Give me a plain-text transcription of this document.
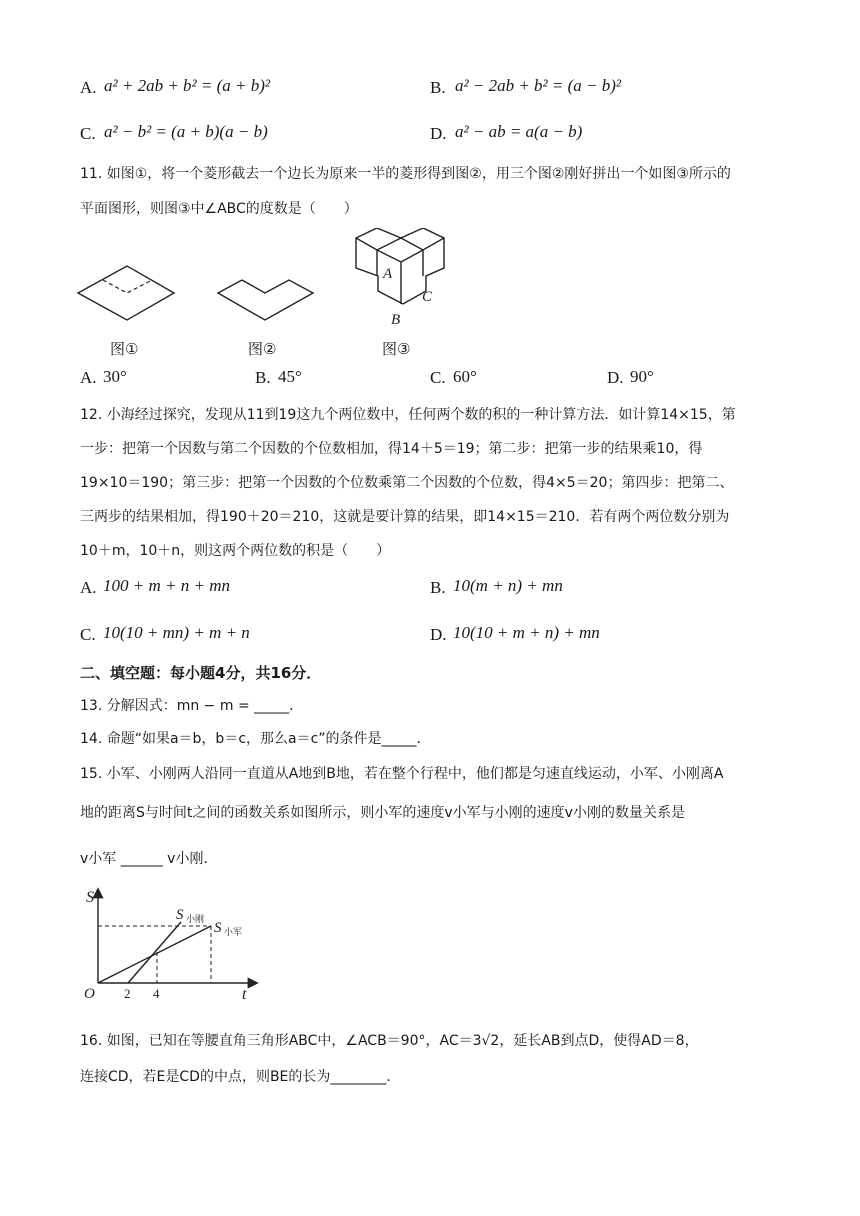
A. a² + 2ab + b² = (a + b)²	B. a² − 2ab + b² = (a − b)²
C. a² − b² = (a + b)(a − b)	D. a² − ab = a(a − b)
11. 如图①，将一个菱形截去一个边长为原来一半的菱形得到图②，用三个图②刚好拼出一个如图③所示的
平面图形，则图③中∠ABC的度数是（　　）
A
C
B
图①	图②	图③
A. 30°	B. 45°	C. 60°	D. 90°
12. 小海经过探究，发现从11到19这九个两位数中，任何两个数的积的一种计算方法．如计算14×15，第
一步：把第一个因数与第二个因数的个位数相加，得14＋5＝19；第二步：把第一步的结果乘10，得
19×10＝190；第三步：把第一个因数的个位数乘第二个因数的个位数，得4×5＝20；第四步：把第二、
三两步的结果相加，得190＋20＝210，这就是要计算的结果，即14×15＝210．若有两个两位数分别为
10＋m，10＋n，则这两个两位数的积是（　　）
A. 100 + m + n + mn	B. 10(m + n) + mn
C. 10(10 + mn) + m + n	D. 10(10 + m + n) + mn
二、填空题：每小题4分，共16分．
13. 分解因式：mn − m = _____．
14. 命题“如果a＝b，b＝c，那么a＝c”的条件是_____．
15. 小军、小刚两人沿同一直道从A地到B地，若在整个行程中，他们都是匀速直线运动，小军、小刚离A
地的距离S与时间t之间的函数关系如图所示，则小军的速度v小军与小刚的速度v小刚的数量关系是
v小军 ______ v小刚．
S
t
O 2 4
S 小刚
S 小军
16. 如图，已知在等腰直角三角形ABC中，∠ACB＝90°，AC＝3√2，延长AB到点D，使得AD＝8，
连接CD，若E是CD的中点，则BE的长为________．
